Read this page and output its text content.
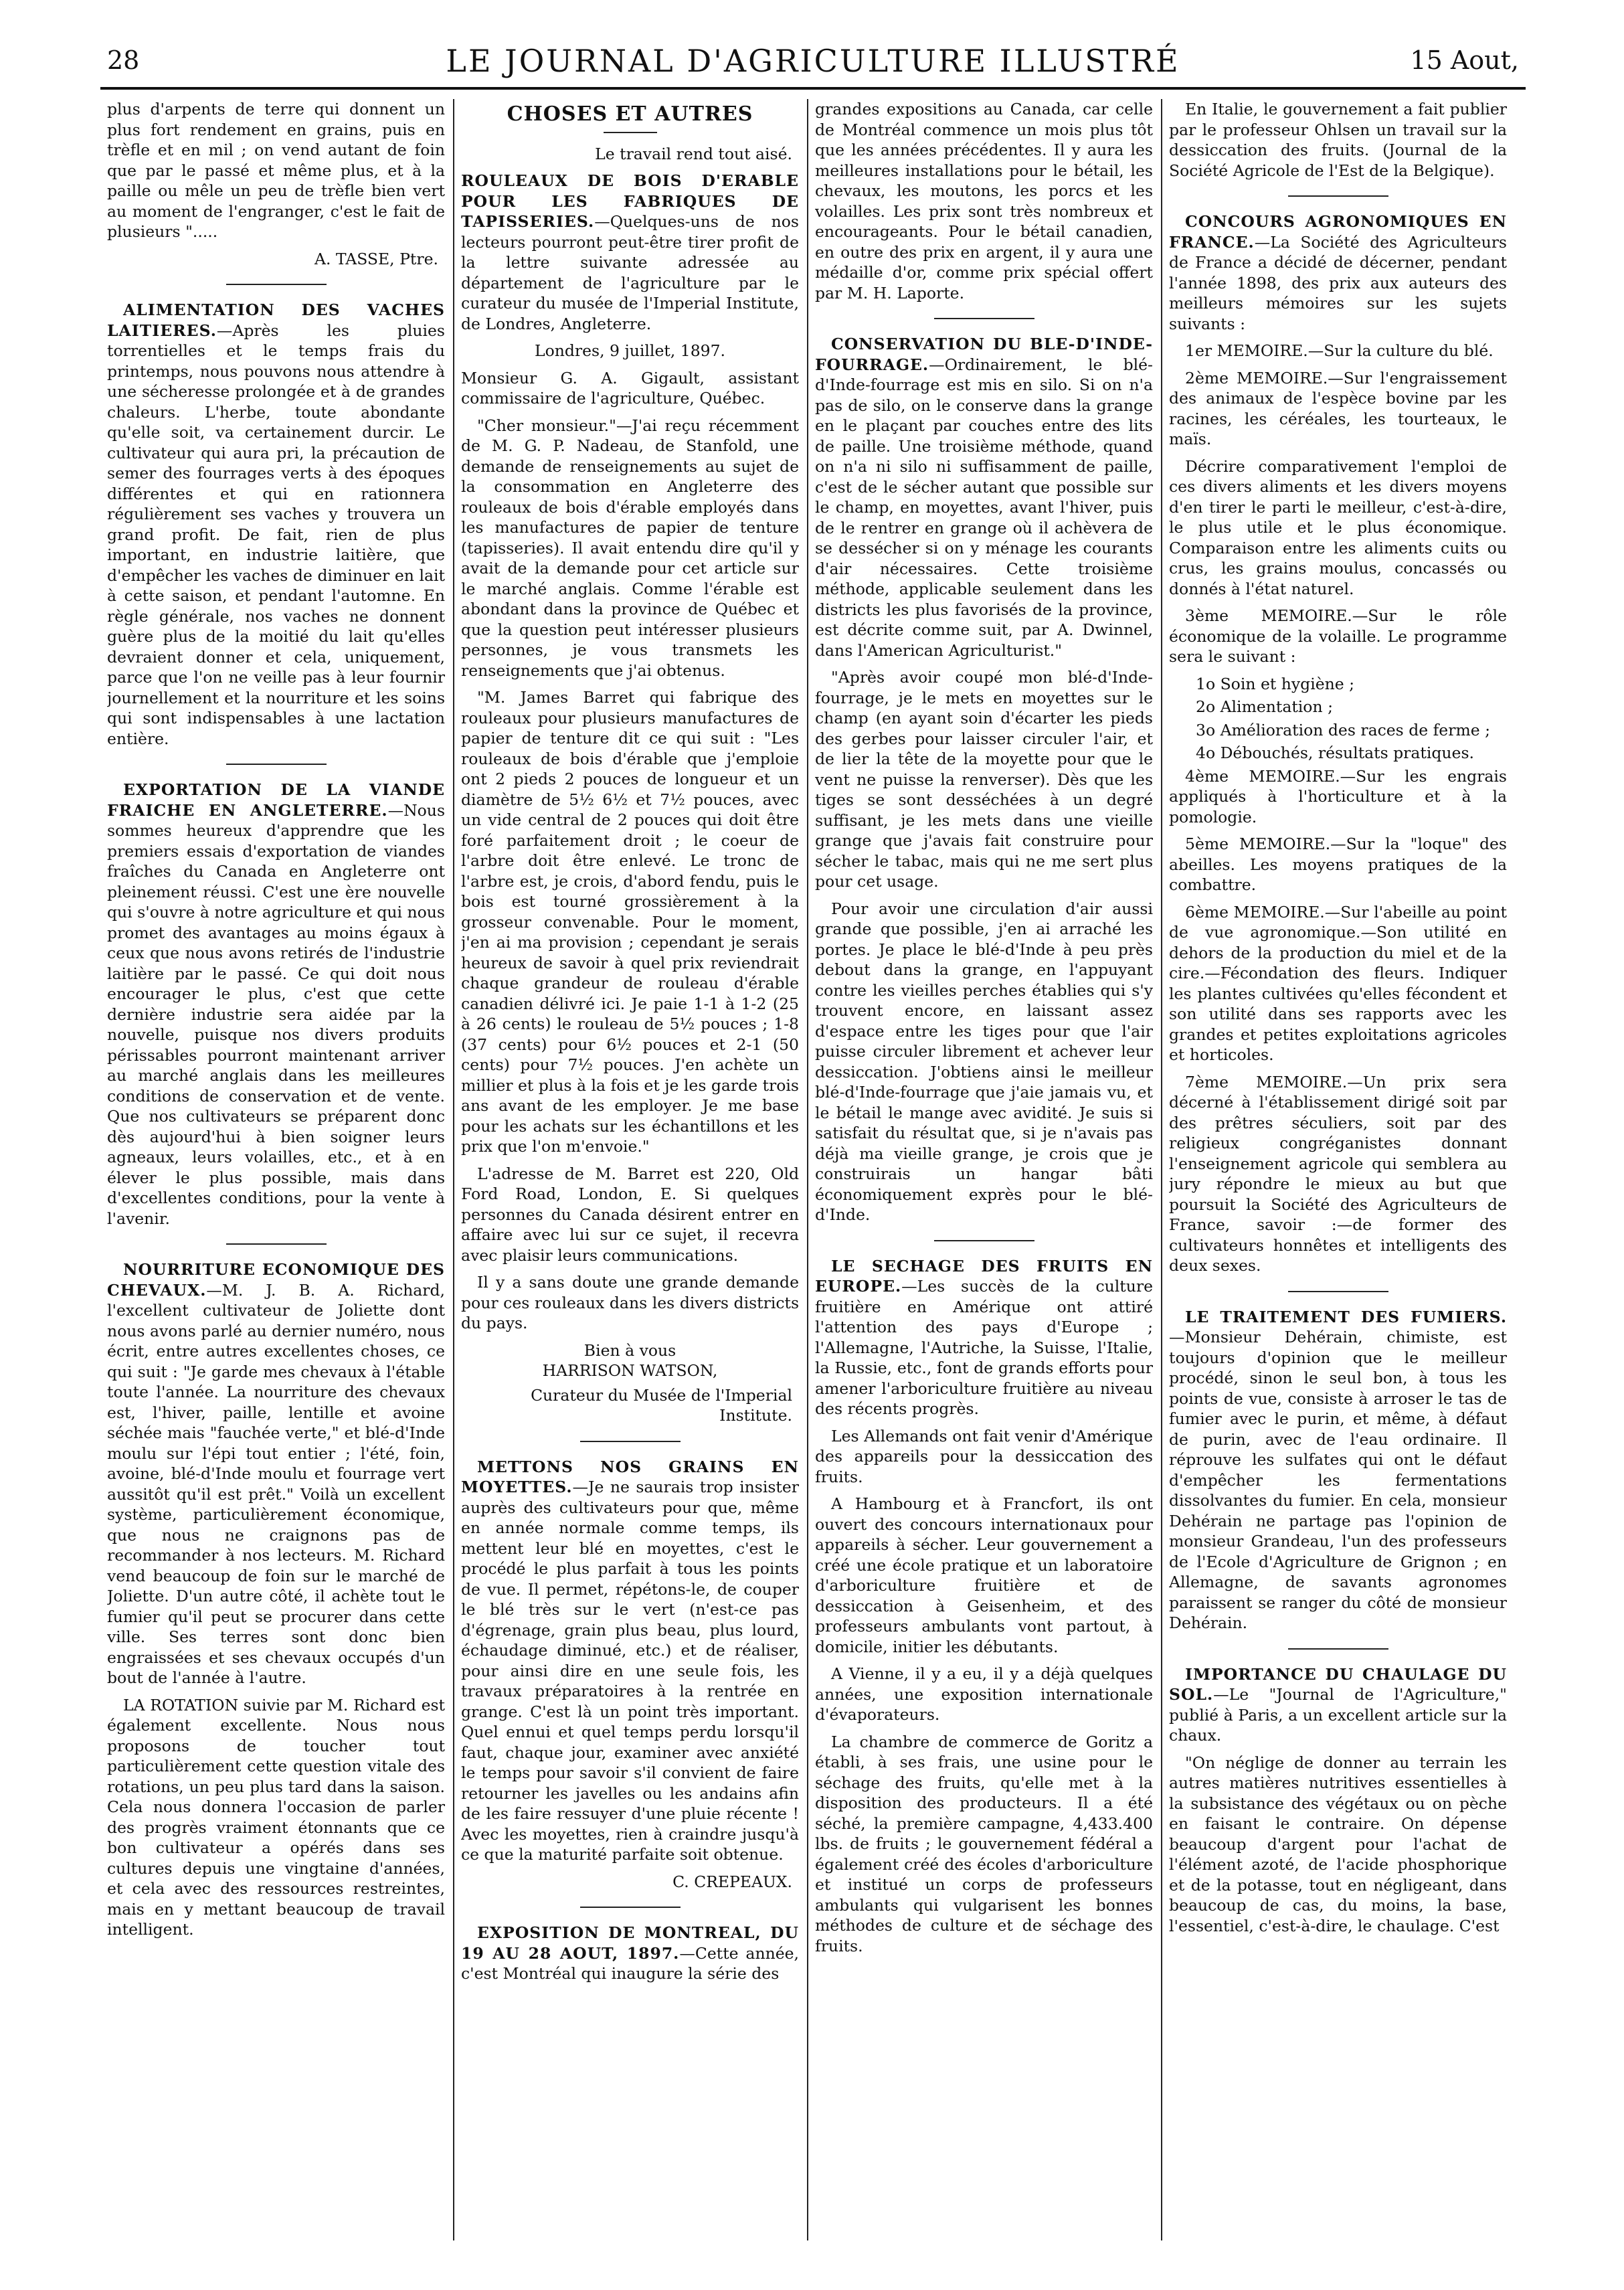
28	LE JOURNAL D'AGRICULTURE ILLUSTRÉ	15 Aout,

plus d'arpents de terre qui donnent un plus fort rendement en grains, puis en trèfle et en mil ; on vend autant de foin que par le passé et même plus, et à la paille ou mêle un peu de trèfle bien vert au moment de l'engranger, c'est le fait de plusieurs ".....

A. TASSE, Ptre.

ALIMENTATION DES VACHES LAITIERES.—Après les pluies torrentielles et le temps frais du printemps, nous pouvons nous attendre à une sécheresse prolongée et à de grandes chaleurs. L'herbe, toute abondante qu'elle soit, va certainement durcir. Le cultivateur qui aura pri, la précaution de semer des fourrages verts à des époques différentes et qui en rationnera régulièrement ses vaches y trouvera un grand profit. De fait, rien de plus important, en industrie laitière, que d'empêcher les vaches de diminuer en lait à cette saison, et pendant l'automne. En règle générale, nos vaches ne donnent guère plus de la moitié du lait qu'elles devraient donner et cela, uniquement, parce que l'on ne veille pas à leur fournir journellement et la nourriture et les soins qui sont indispensables à une lactation entière.

EXPORTATION DE LA VIANDE FRAICHE EN ANGLETERRE.—Nous sommes heureux d'apprendre que les premiers essais d'exportation de viandes fraîches du Canada en Angleterre ont pleinement réussi. C'est une ère nouvelle qui s'ouvre à notre agriculture et qui nous promet des avantages au moins égaux à ceux que nous avons retirés de l'industrie laitière par le passé. Ce qui doit nous encourager le plus, c'est que cette dernière industrie sera aidée par la nouvelle, puisque nos divers produits périssables pourront maintenant arriver au marché anglais dans les meilleures conditions de conservation et de vente. Que nos cultivateurs se préparent donc dès aujourd'hui à bien soigner leurs agneaux, leurs volailles, etc., et à en élever le plus possible, mais dans d'excellentes conditions, pour la vente à l'avenir.

NOURRITURE ECONOMIQUE DES CHEVAUX.—M. J. B. A. Richard, l'excellent cultivateur de Joliette dont nous avons parlé au dernier numéro, nous écrit, entre autres excellentes choses, ce qui suit : "Je garde mes chevaux à l'étable toute l'année. La nourriture des chevaux est, l'hiver, paille, lentille et avoine séchée mais "fauchée verte," et blé-d'Inde moulu sur l'épi tout entier ; l'été, foin, avoine, blé-d'Inde moulu et fourrage vert aussitôt qu'il est prêt." Voilà un excellent système, particulièrement économique, que nous ne craignons pas de recommander à nos lecteurs. M. Richard vend beaucoup de foin sur le marché de Joliette. D'un autre côté, il achète tout le fumier qu'il peut se procurer dans cette ville. Ses terres sont donc bien engraissées et ses chevaux occupés d'un bout de l'année à l'autre.

LA ROTATION suivie par M. Richard est également excellente. Nous nous proposons de toucher tout particulièrement cette question vitale des rotations, un peu plus tard dans la saison. Cela nous donnera l'occasion de parler des progrès vraiment étonnants que ce bon cultivateur a opérés dans ses cultures depuis une vingtaine d'années, et cela avec des ressources restreintes, mais en y mettant beaucoup de travail intelligent.

CHOSES ET AUTRES
Le travail rend tout aisé.

ROULEAUX DE BOIS D'ERABLE POUR LES FABRIQUES DE TAPISSERIES.—Quelques-uns de nos lecteurs pourront peut-être tirer profit de la lettre suivante adressée au département de l'agriculture par le curateur du musée de l'Imperial Institute, de Londres, Angleterre.

Londres, 9 juillet, 1897.

Monsieur G. A. Gigault, assistant commissaire de l'agriculture, Québec.

"Cher monsieur."—J'ai reçu récemment de M. G. P. Nadeau, de Stanfold, une demande de renseignements au sujet de la consommation en Angleterre des rouleaux de bois d'érable employés dans les manufactures de papier de tenture (tapisseries). Il avait entendu dire qu'il y avait de la demande pour cet article sur le marché anglais. Comme l'érable est abondant dans la province de Québec et que la question peut intéresser plusieurs personnes, je vous transmets les renseignements que j'ai obtenus.

"M. James Barret qui fabrique des rouleaux pour plusieurs manufactures de papier de tenture dit ce qui suit : "Les rouleaux de bois d'érable que j'emploie ont 2 pieds 2 pouces de longueur et un diamètre de 5½ 6½ et 7½ pouces, avec un vide central de 2 pouces qui doit être foré parfaitement droit ; le coeur de l'arbre doit être enlevé. Le tronc de l'arbre est, je crois, d'abord fendu, puis le bois est tourné grossièrement à la grosseur convenable. Pour le moment, j'en ai ma provision ; cependant je serais heureux de savoir à quel prix reviendrait chaque grandeur de rouleau d'érable canadien délivré ici. Je paie 1-1 à 1-2 (25 à 26 cents) le rouleau de 5½ pouces ; 1-8 (37 cents) pour 6½ pouces et 2-1 (50 cents) pour 7½ pouces. J'en achète un millier et plus à la fois et je les garde trois ans avant de les employer. Je me base pour les achats sur les échantillons et les prix que l'on m'envoie."

L'adresse de M. Barret est 220, Old Ford Road, London, E. Si quelques personnes du Canada désirent entrer en affaire avec lui sur ce sujet, il recevra avec plaisir leurs communications.

Il y a sans doute une grande demande pour ces rouleaux dans les divers districts du pays.

Bien à vous
HARRISON WATSON,
Curateur du Musée de l'Imperial Institute.

METTONS NOS GRAINS EN MOYETTES.—Je ne saurais trop insister auprès des cultivateurs pour que, même en année normale comme temps, ils mettent leur blé en moyettes, c'est le procédé le plus parfait à tous les points de vue. Il permet, répétons-le, de couper le blé très sur le vert (n'est-ce pas d'égrenage, grain plus beau, plus lourd, échaudage diminué, etc.) et de réaliser, pour ainsi dire en une seule fois, les travaux préparatoires à la rentrée en grange. C'est là un point très important. Quel ennui et quel temps perdu lorsqu'il faut, chaque jour, examiner avec anxiété le temps pour savoir s'il convient de faire retourner les javelles ou les andains afin de les faire ressuyer d'une pluie récente ! Avec les moyettes, rien à craindre jusqu'à ce que la maturité parfaite soit obtenue.

C. CREPEAUX.

EXPOSITION DE MONTREAL, DU 19 AU 28 AOUT, 1897.—Cette année, c'est Montréal qui inaugure la série des

grandes expositions au Canada, car celle de Montréal commence un mois plus tôt que les années précédentes. Il y aura les meilleures installations pour le bétail, les chevaux, les moutons, les porcs et les volailles. Les prix sont très nombreux et encourageants. Pour le bétail canadien, en outre des prix en argent, il y aura une médaille d'or, comme prix spécial offert par M. H. Laporte.

CONSERVATION DU BLE-D'INDE-FOURRAGE.—Ordinairement, le blé-d'Inde-fourrage est mis en silo. Si on n'a pas de silo, on le conserve dans la grange en le plaçant par couches entre des lits de paille. Une troisième méthode, quand on n'a ni silo ni suffisamment de paille, c'est de le sécher autant que possible sur le champ, en moyettes, avant l'hiver, puis de le rentrer en grange où il achèvera de se dessécher si on y ménage les courants d'air nécessaires. Cette troisième méthode, applicable seulement dans les districts les plus favorisés de la province, est décrite comme suit, par A. Dwinnel, dans l'American Agriculturist."

"Après avoir coupé mon blé-d'Inde-fourrage, je le mets en moyettes sur le champ (en ayant soin d'écarter les pieds des gerbes pour laisser circuler l'air, et de lier la tête de la moyette pour que le vent ne puisse la renverser). Dès que les tiges se sont desséchées à un degré suffisant, je les mets dans une vieille grange que j'avais fait construire pour sécher le tabac, mais qui ne me sert plus pour cet usage.

Pour avoir une circulation d'air aussi grande que possible, j'en ai arraché les portes. Je place le blé-d'Inde à peu près debout dans la grange, en l'appuyant contre les vieilles perches établies qui s'y trouvent encore, en laissant assez d'espace entre les tiges pour que l'air puisse circuler librement et achever leur dessiccation. J'obtiens ainsi le meilleur blé-d'Inde-fourrage que j'aie jamais vu, et le bétail le mange avec avidité. Je suis si satisfait du résultat que, si je n'avais pas déjà ma vieille grange, je crois que je construirais un hangar bâti économiquement exprès pour le blé-d'Inde.

LE SECHAGE DES FRUITS EN EUROPE.—Les succès de la culture fruitière en Amérique ont attiré l'attention des pays d'Europe ; l'Allemagne, l'Autriche, la Suisse, l'Italie, la Russie, etc., font de grands efforts pour amener l'arboriculture fruitière au niveau des récents progrès.

Les Allemands ont fait venir d'Amérique des appareils pour la dessiccation des fruits.

A Hambourg et à Francfort, ils ont ouvert des concours internationaux pour appareils à sécher. Leur gouvernement a créé une école pratique et un laboratoire d'arboriculture fruitière et de dessiccation à Geisenheim, et des professeurs ambulants vont partout, à domicile, initier les débutants.

A Vienne, il y a eu, il y a déjà quelques années, une exposition internationale d'évaporateurs.

La chambre de commerce de Goritz a établi, à ses frais, une usine pour le séchage des fruits, qu'elle met à la disposition des producteurs. Il a été séché, la première campagne, 4,433.400 lbs. de fruits ; le gouvernement fédéral a également créé des écoles d'arboriculture et institué un corps de professeurs ambulants qui vulgarisent les bonnes méthodes de culture et de séchage des fruits.

En Italie, le gouvernement a fait publier par le professeur Ohlsen un travail sur la dessiccation des fruits. (Journal de la Société Agricole de l'Est de la Belgique).

CONCOURS AGRONOMIQUES EN FRANCE.—La Société des Agriculteurs de France a décidé de décerner, pendant l'année 1898, des prix aux auteurs des meilleurs mémoires sur les sujets suivants :

1er MEMOIRE.—Sur la culture du blé.

2ème MEMOIRE.—Sur l'engraissement des animaux de l'espèce bovine par les racines, les céréales, les tourteaux, le maïs.

Décrire comparativement l'emploi de ces divers aliments et les divers moyens d'en tirer le parti le meilleur, c'est-à-dire, le plus utile et le plus économique. Comparaison entre les aliments cuits ou crus, les grains moulus, concassés ou donnés à l'état naturel.

3ème MEMOIRE.—Sur le rôle économique de la volaille. Le programme sera le suivant :

1o Soin et hygiène ;

2o Alimentation ;

3o Amélioration des races de ferme ;

4o Débouchés, résultats pratiques.

4ème MEMOIRE.—Sur les engrais appliqués à l'horticulture et à la pomologie.

5ème MEMOIRE.—Sur la "loque" des abeilles. Les moyens pratiques de la combattre.

6ème MEMOIRE.—Sur l'abeille au point de vue agronomique.—Son utilité en dehors de la production du miel et de la cire.—Fécondation des fleurs. Indiquer les plantes cultivées qu'elles fécondent et son utilité dans ses rapports avec les grandes et petites exploitations agricoles et horticoles.

7ème MEMOIRE.—Un prix sera décerné à l'établissement dirigé soit par des prêtres séculiers, soit par des religieux congréganistes donnant l'enseignement agricole qui semblera au jury répondre le mieux au but que poursuit la Société des Agriculteurs de France, savoir :—de former des cultivateurs honnêtes et intelligents des deux sexes.

LE TRAITEMENT DES FUMIERS.—Monsieur Dehérain, chimiste, est toujours d'opinion que le meilleur procédé, sinon le seul bon, à tous les points de vue, consiste à arroser le tas de fumier avec le purin, et même, à défaut de purin, avec de l'eau ordinaire. Il réprouve les sulfates qui ont le défaut d'empêcher les fermentations dissolvantes du fumier. En cela, monsieur Dehérain ne partage pas l'opinion de monsieur Grandeau, l'un des professeurs de l'Ecole d'Agriculture de Grignon ; en Allemagne, de savants agronomes paraissent se ranger du côté de monsieur Dehérain.

IMPORTANCE DU CHAULAGE DU SOL.—Le "Journal de l'Agriculture," publié à Paris, a un excellent article sur la chaux.

"On néglige de donner au terrain les autres matières nutritives essentielles à la subsistance des végétaux ou on pèche en faisant le contraire. On dépense beaucoup d'argent pour l'achat de l'élément azoté, de l'acide phosphorique et de la potasse, tout en négligeant, dans beaucoup de cas, du moins, la base, l'essentiel, c'est-à-dire, le chaulage. C'est
